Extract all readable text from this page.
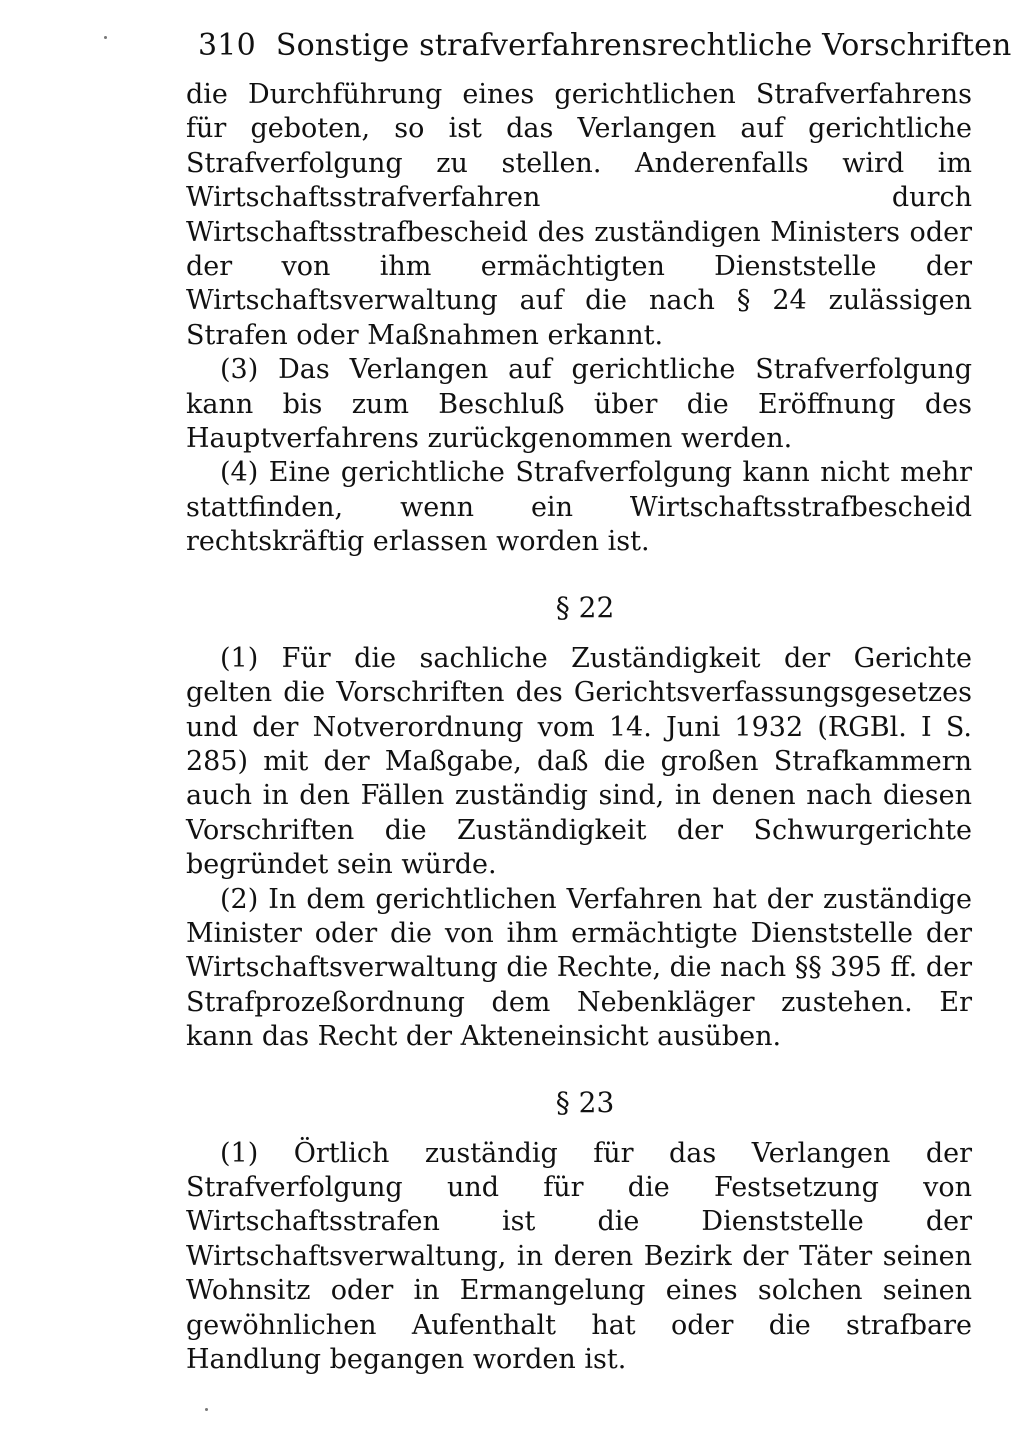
310 Sonstige strafverfahrensrechtliche Vorschriften

die Durchführung eines gerichtlichen Strafverfahrens für geboten, so ist das Verlangen auf gerichtliche Strafverfolgung zu stellen. Anderenfalls wird im Wirtschaftsstrafverfahren durch Wirtschaftsstrafbescheid des zuständigen Ministers oder der von ihm ermächtigten Dienststelle der Wirtschaftsverwaltung auf die nach § 24 zulässigen Strafen oder Maßnahmen erkannt.

(3) Das Verlangen auf gerichtliche Strafverfolgung kann bis zum Beschluß über die Eröffnung des Hauptverfahrens zurückgenommen werden.

(4) Eine gerichtliche Strafverfolgung kann nicht mehr stattfinden, wenn ein Wirtschaftsstrafbescheid rechtskräftig erlassen worden ist.

§ 22

(1) Für die sachliche Zuständigkeit der Gerichte gelten die Vorschriften des Gerichtsverfassungsgesetzes und der Notverordnung vom 14. Juni 1932 (RGBl. I S. 285) mit der Maßgabe, daß die großen Strafkammern auch in den Fällen zuständig sind, in denen nach diesen Vorschriften die Zuständigkeit der Schwurgerichte begründet sein würde.

(2) In dem gerichtlichen Verfahren hat der zuständige Minister oder die von ihm ermächtigte Dienststelle der Wirtschaftsverwaltung die Rechte, die nach §§ 395 ff. der Strafprozeßordnung dem Nebenkläger zustehen. Er kann das Recht der Akteneinsicht ausüben.

§ 23

(1) Örtlich zuständig für das Verlangen der Strafverfolgung und für die Festsetzung von Wirtschaftsstrafen ist die Dienststelle der Wirtschaftsverwaltung, in deren Bezirk der Täter seinen Wohnsitz oder in Ermangelung eines solchen seinen gewöhnlichen Aufenthalt hat oder die strafbare Handlung begangen worden ist.
